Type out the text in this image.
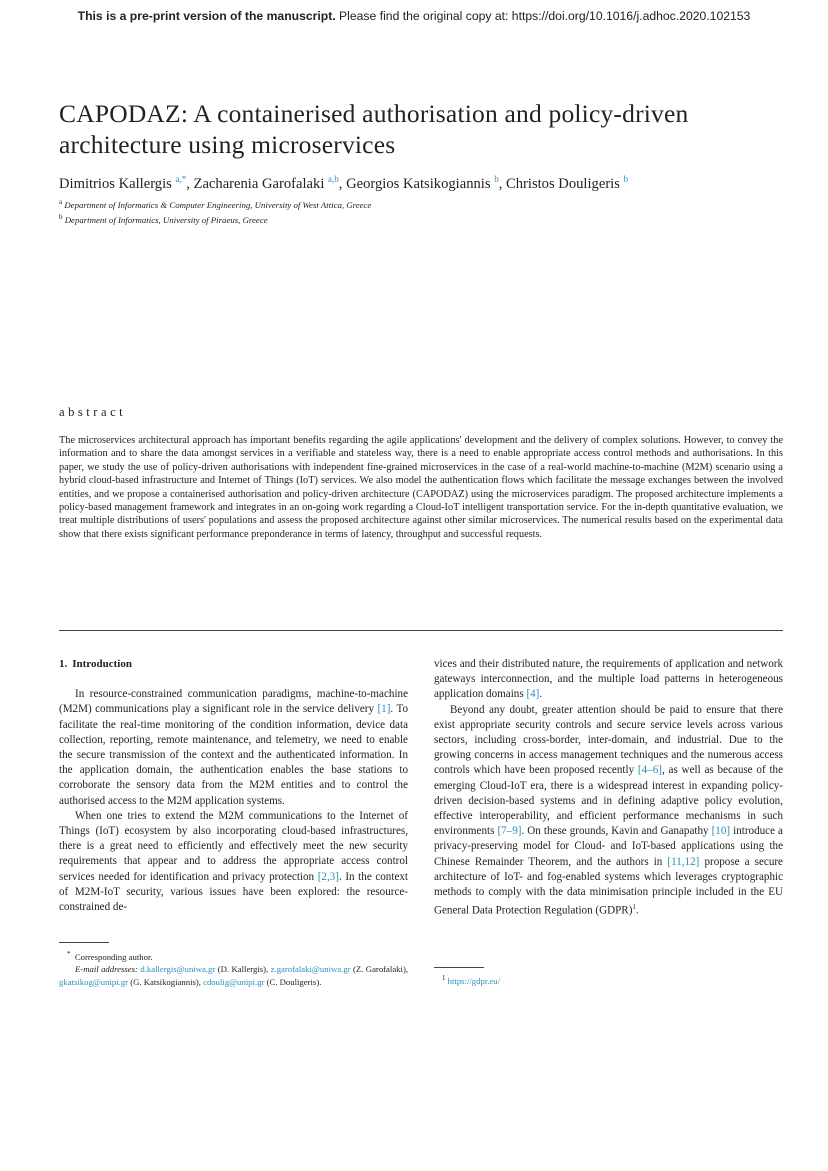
This is a pre-print version of the manuscript. Please find the original copy at: https://doi.org/10.1016/j.adhoc.2020.102153
CAPODAZ: A containerised authorisation and policy-driven
architecture using microservices
Dimitrios Kallergis $^{a,*}$, Zacharenia Garofalaki $^{a,b}$, Georgios Katsikogiannis $^b$, Christos Douligeris $^b$
$^a$ Department of Informatics & Computer Engineering, University of West Attica, Greece
$^b$ Department of Informatics, University of Piraeus, Greece
abstract
The microservices architectural approach has important benefits regarding the agile applications' development and the delivery of complex solutions. However, to convey the information and to share the data amongst services in a verifiable and stateless way, there is a need to enable appropriate access control methods and authorisations. In this paper, we study the use of policy-driven authorisations with independent fine-grained microservices in the case of a real-world machine-to-machine (M2M) scenario using a hybrid cloud-based infrastructure and Internet of Things (IoT) services. We also model the authentication flows which facilitate the message exchanges between the involved entities, and we propose a containerised authorisation and policy-driven architecture (CAPODAZ) using the microservices paradigm. The proposed architecture implements a policy-based management framework and integrates in an on-going work regarding a Cloud-IoT intelligent transportation service. For the in-depth quantitative evaluation, we treat multiple distributions of users' populations and assess the proposed architecture against other similar microservices. The numerical results based on the experimental data show that there exists significant performance preponderance in terms of latency, throughput and successful requests.
1. Introduction

In resource-constrained communication paradigms, machine-to-machine (M2M) communications play a significant role in the service delivery [1]. To facilitate the real-time monitoring of the condition information, device data collection, reporting, remote maintenance, and telemetry, we need to enable the secure transmission of the context and the authenticated information. In the application domain, the authentication enables the base stations to corroborate the sensory data from the M2M entities and to control the authorised access to the M2M application systems.

When one tries to extend the M2M communications to the Internet of Things (IoT) ecosystem by also incorporating cloud-based infrastructures, there is a great need to efficiently and effectively meet the new security requirements that appear and to address the appropriate access control services needed for identification and privacy protection [2,3]. In the context of M2M-IoT security, various issues have been explored: the resource-constrained de-

vices and their distributed nature, the requirements of application and network gateways interconnection, and the multiple load patterns in heterogeneous application domains [4].

Beyond any doubt, greater attention should be paid to ensure that there exist appropriate security controls and secure service levels across various sectors, including cross-border, inter-domain, and industrial. Due to the growing concerns in access management techniques and the numerous access controls which have been proposed recently [4–6], as well as because of the emerging Cloud-IoT era, there is a widespread interest in expanding policy-driven decision-based systems and in defining adaptive policy evolution, effective interoperability, and efficient performance mechanisms in such environments [7–9]. On these grounds, Kavin and Ganapathy [10] introduce a privacy-preserving model for Cloud- and IoT-based applications using the Chinese Remainder Theorem, and the authors in [11,12] propose a secure architecture of IoT- and fog-enabled systems which leverages cryptographic methods to comply with the data minimisation principle included in the EU General Data Protection Regulation (GDPR)$^1$.

* Corresponding author.
E-mail addresses: d.kallergis@uniwa.gr (D. Kallergis), z.garofalaki@uniwa.gr (Z. Garofalaki), gkatsikog@unipi.gr (G. Katsikogiannis), cdoulig@unipi.gr (C. Douligeris).	$^1$ https://gdpr.eu/
